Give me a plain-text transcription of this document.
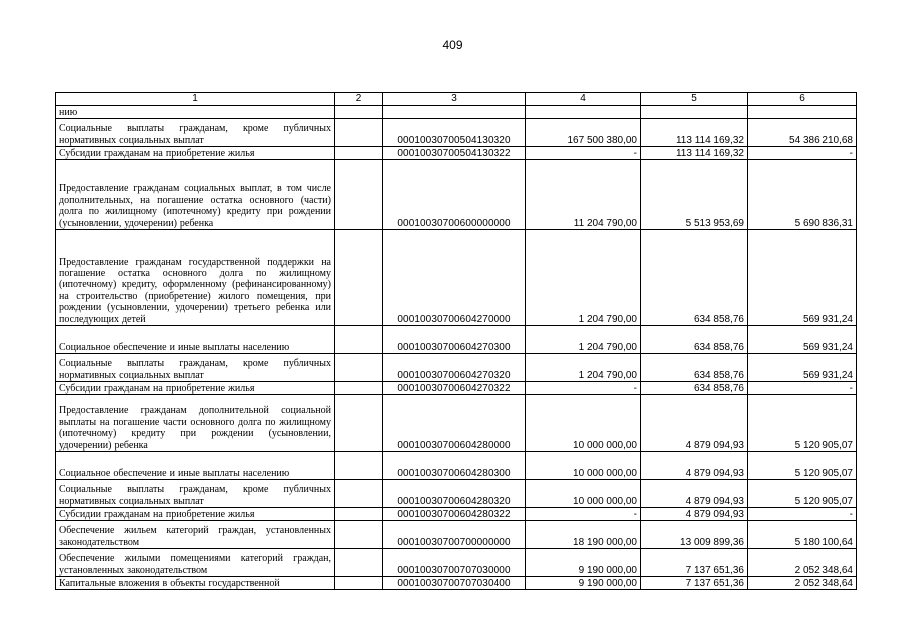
409
1	2	3	4	5	6
нию					
Социальные выплаты гражданам, кроме публичных нормативных социальных выплат		00010030700504130320	167 500 380,00	113 114 169,32	54 386 210,68
Субсидии гражданам на приобретение жилья		00010030700504130322	-	113 114 169,32	-
Предоставление гражданам социальных выплат, в том числе дополнительных, на погашение остатка основного (части) долга по жилищному (ипотечному) кредиту при рождении (усыновлении, удочерении) ребенка		00010030700600000000	11 204 790,00	5 513 953,69	5 690 836,31
Предоставление гражданам государственной поддержки на погашение остатка основного долга по жилищному (ипотечному) кредиту, оформленному (рефинансированному) на строительство (приобретение) жилого помещения, при рождении (усыновлении, удочерении) третьего ребенка или последующих детей		00010030700604270000	1 204 790,00	634 858,76	569 931,24
Социальное обеспечение и иные выплаты населению		00010030700604270300	1 204 790,00	634 858,76	569 931,24
Социальные выплаты гражданам, кроме публичных нормативных социальных выплат		00010030700604270320	1 204 790,00	634 858,76	569 931,24
Субсидии гражданам на приобретение жилья		00010030700604270322	-	634 858,76	-
Предоставление гражданам дополнительной социальной выплаты на погашение части основного долга по жилищному (ипотечному) кредиту при рождении (усыновлении, удочерении) ребенка		00010030700604280000	10 000 000,00	4 879 094,93	5 120 905,07
Социальное обеспечение и иные выплаты населению		00010030700604280300	10 000 000,00	4 879 094,93	5 120 905,07
Социальные выплаты гражданам, кроме публичных нормативных социальных выплат		00010030700604280320	10 000 000,00	4 879 094,93	5 120 905,07
Субсидии гражданам на приобретение жилья		00010030700604280322	-	4 879 094,93	-
Обеспечение жильем категорий граждан, установленных законодательством		00010030700700000000	18 190 000,00	13 009 899,36	5 180 100,64
Обеспечение жилыми помещениями категорий граждан, установленных законодательством		00010030700707030000	9 190 000,00	7 137 651,36	2 052 348,64
Капитальные вложения в объекты государственной		00010030700707030400	9 190 000,00	7 137 651,36	2 052 348,64
